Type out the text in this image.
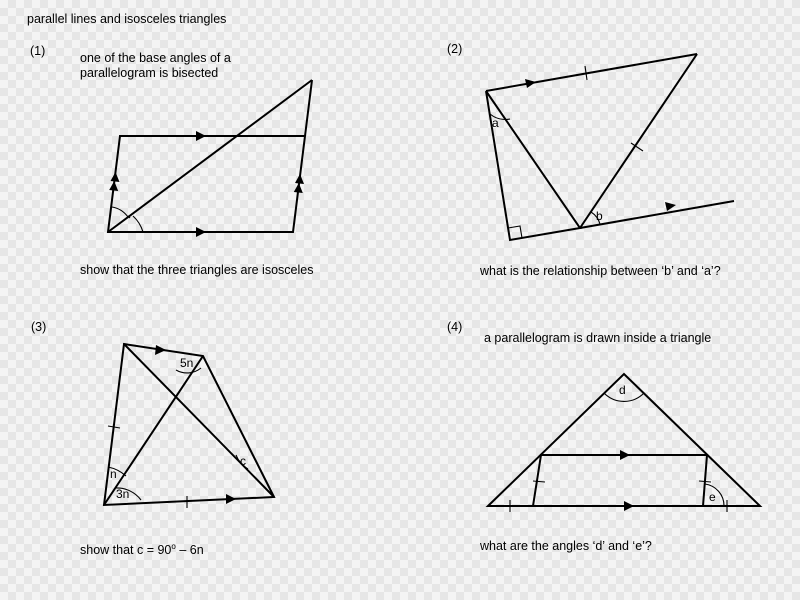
parallel lines and isosceles triangles
(1)	one of the base angles of a
parallelogram is bisected
show that the three triangles are isosceles
(2)
what is the relationship between ‘b’ and ‘a’?
(3)
show that $c = 90^o - 6n$
(4)
a parallelogram is drawn inside a triangle
what are the angles ‘d’ and ‘e’?
a
b
5n
c
n
3n
d
e
